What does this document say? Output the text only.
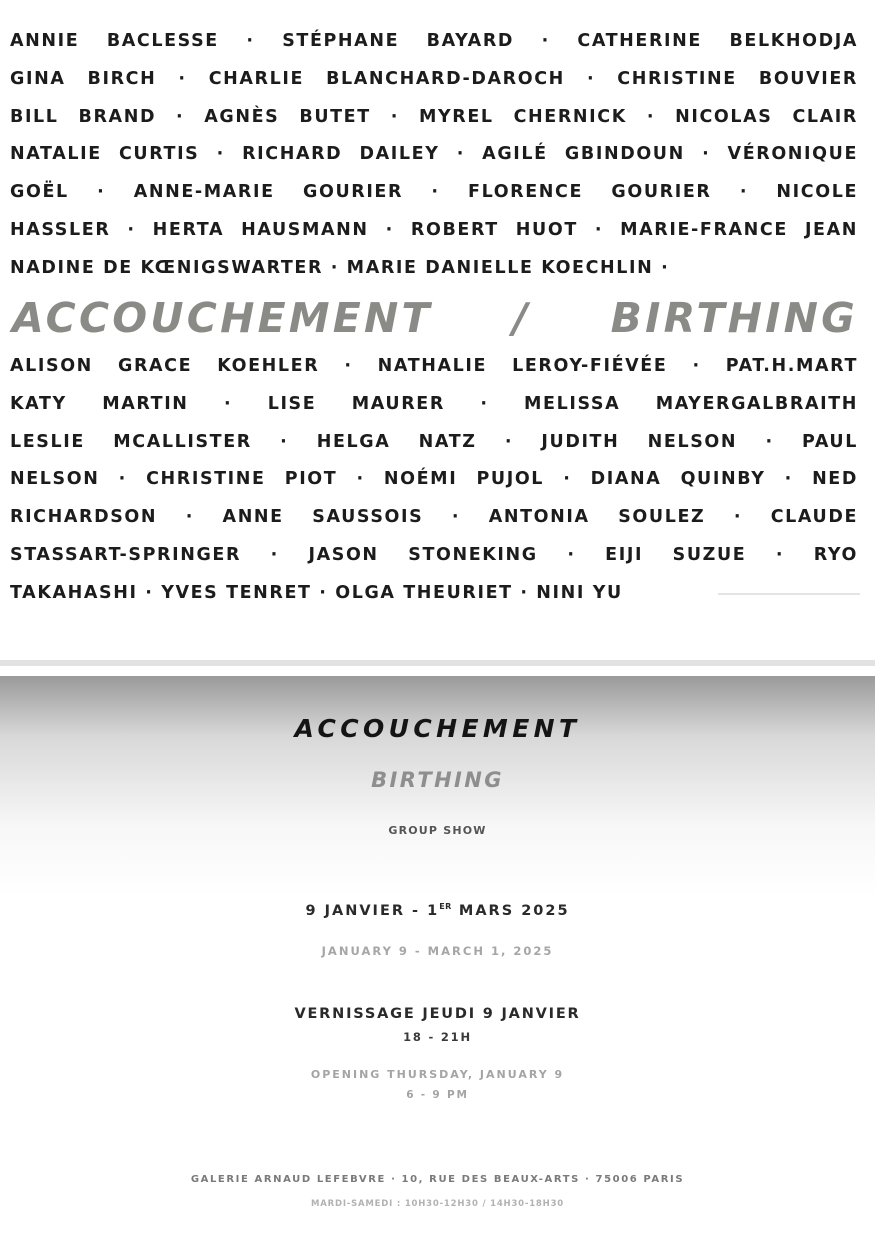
ANNIE BACLESSE · STÉPHANE BAYARD · CATHERINE BELKHODJA
GINA BIRCH · CHARLIE BLANCHARD-DAROCH · CHRISTINE BOUVIER
BILL BRAND · AGNÈS BUTET · MYREL CHERNICK · NICOLAS CLAIR
NATALIE CURTIS · RICHARD DAILEY · AGILÉ GBINDOUN · VÉRONIQUE
GOËL · ANNE-MARIE GOURIER · FLORENCE GOURIER · NICOLE
HASSLER · HERTA HAUSMANN · ROBERT HUOT · MARIE-FRANCE JEAN
NADINE DE KŒNIGSWARTER · MARIE DANIELLE KOECHLIN ·
ACCOUCHEMENT / BIRTHING
ALISON GRACE KOEHLER · NATHALIE LEROY-FIÉVÉE · PAT.H.MART
KATY MARTIN · LISE MAURER · MELISSA MAYERGALBRAITH
LESLIE MCALLISTER · HELGA NATZ · JUDITH NELSON · PAUL
NELSON · CHRISTINE PIOT · NOÉMI PUJOL · DIANA QUINBY · NED
RICHARDSON · ANNE SAUSSOIS · ANTONIA SOULEZ · CLAUDE
STASSART-SPRINGER · JASON STONEKING · EIJI SUZUE · RYO
TAKAHASHI · YVES TENRET · OLGA THEURIET · NINI YU
ACCOUCHEMENT
BIRTHING
GROUP SHOW
9 JANVIER - 1ER MARS 2025
JANUARY 9 - MARCH 1, 2025
VERNISSAGE JEUDI 9 JANVIER
18 - 21H
OPENING THURSDAY, JANUARY 9
6 - 9 PM
GALERIE ARNAUD LEFEBVRE · 10, RUE DES BEAUX-ARTS · 75006 PARIS
MARDI-SAMEDI : 10H30-12H30 / 14H30-18H30
